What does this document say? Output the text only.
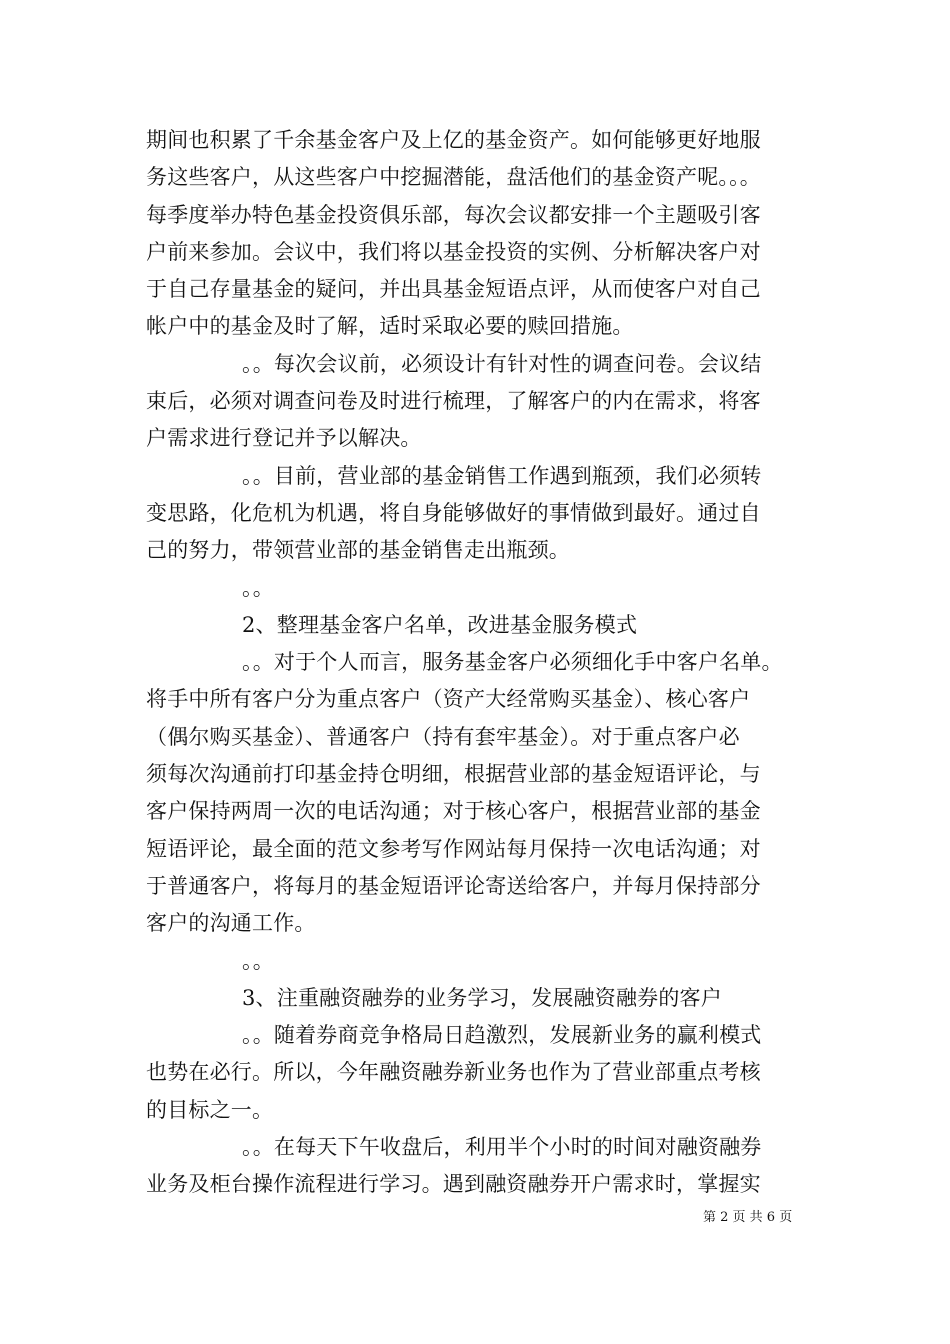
期间也积累了千余基金客户及上亿的基金资产。如何能够更好地服
务这些客户，从这些客户中挖掘潜能，盘活他们的基金资产呢。。。
每季度举办特色基金投资俱乐部，每次会议都安排一个主题吸引客
户前来参加。会议中，我们将以基金投资的实例、分析解决客户对
于自己存量基金的疑问，并出具基金短语点评，从而使客户对自己
帐户中的基金及时了解，适时采取必要的赎回措施。
。。每次会议前，必须设计有针对性的调查问卷。会议结
束后，必须对调查问卷及时进行梳理，了解客户的内在需求，将客
户需求进行登记并予以解决。
。。目前，营业部的基金销售工作遇到瓶颈，我们必须转
变思路，化危机为机遇，将自身能够做好的事情做到最好。通过自
己的努力，带领营业部的基金销售走出瓶颈。
。。
2、整理基金客户名单，改进基金服务模式
。。对于个人而言，服务基金客户必须细化手中客户名单。
将手中所有客户分为重点客户（资产大经常购买基金）、核心客户
（偶尔购买基金）、普通客户（持有套牢基金）。对于重点客户必
须每次沟通前打印基金持仓明细，根据营业部的基金短语评论，与
客户保持两周一次的电话沟通；对于核心客户，根据营业部的基金
短语评论，最全面的范文参考写作网站每月保持一次电话沟通；对
于普通客户，将每月的基金短语评论寄送给客户，并每月保持部分
客户的沟通工作。
。。
3、注重融资融券的业务学习，发展融资融券的客户
。。随着券商竞争格局日趋激烈，发展新业务的赢利模式
也势在必行。所以，今年融资融券新业务也作为了营业部重点考核
的目标之一。
。。在每天下午收盘后，利用半个小时的时间对融资融券
业务及柜台操作流程进行学习。遇到融资融券开户需求时，掌握实
第 2 页 共 6 页
